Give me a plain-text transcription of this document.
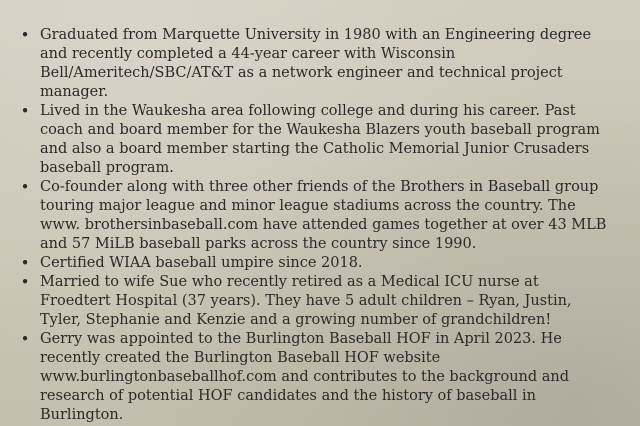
• Graduated from Marquette University in 1980 with an Engineering degree and recently completed a 44-year career with Wisconsin Bell/Ameritech/SBC/AT&T as a network engineer and technical project manager.
• Lived in the Waukesha area following college and during his career. Past coach and board member for the Waukesha Blazers youth baseball program and also a board member starting the Catholic Memorial Junior Crusaders baseball program.
• Co-founder along with three other friends of the Brothers in Baseball group touring major league and minor league stadiums across the country. The www. brothersinbaseball.com have attended games together at over 43 MLB and 57 MiLB baseball parks across the country since 1990.
• Certified WIAA baseball umpire since 2018.
• Married to wife Sue who recently retired as a Medical ICU nurse at Froedtert Hospital (37 years). They have 5 adult children – Ryan, Justin, Tyler, Stephanie and Kenzie and a growing number of grandchildren!
• Gerry was appointed to the Burlington Baseball HOF in April 2023. He recently created the Burlington Baseball HOF website www.burlingtonbaseballhof.com and contributes to the background and research of potential HOF candidates and the history of baseball in Burlington.
